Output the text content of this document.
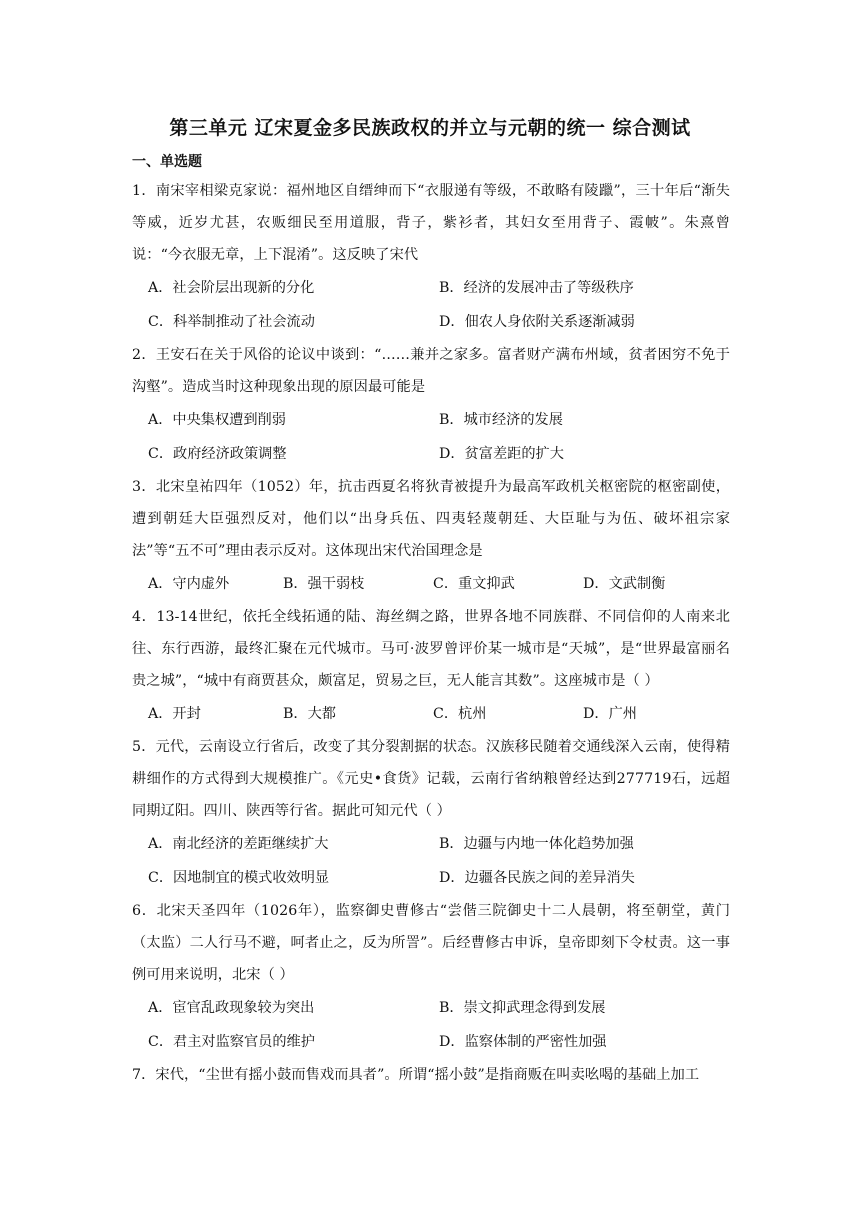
第三单元 辽宋夏金多民族政权的并立与元朝的统一 综合测试
一、单选题

1．南宋宰相梁克家说：福州地区自缙绅而下“衣服递有等级，不敢略有陵躐”，三十年后“渐失等威，近岁尤甚，农贩细民至用道服，背子，紫衫者，其妇女至用背子、霞帔”。朱熹曾说：“今衣服无章，上下混淆”。这反映了宋代

A．社会阶层出现新的分化	B．经济的发展冲击了等级秩序
C．科举制推动了社会流动	D．佃农人身依附关系逐渐减弱

2．王安石在关于风俗的论议中谈到：“……兼并之家多。富者财产满布州域，贫者困穷不免于沟壑”。造成当时这种现象出现的原因最可能是

A．中央集权遭到削弱	B．城市经济的发展
C．政府经济政策调整	D．贫富差距的扩大

3．北宋皇祐四年（1052）年，抗击西夏名将狄青被提升为最高军政机关枢密院的枢密副使，遭到朝廷大臣强烈反对，他们以“出身兵伍、四夷轻蔑朝廷、大臣耻与为伍、破坏祖宗家法”等“五不可”理由表示反对。这体现出宋代治国理念是

A．守内虚外	B．强干弱枝	C．重文抑武	D．文武制衡

4．13-14世纪，依托全线拓通的陆、海丝绸之路，世界各地不同族群、不同信仰的人南来北往、东行西游，最终汇聚在元代城市。马可·波罗曾评价某一城市是“天城”，是“世界最富丽名贵之城”，“城中有商贾甚众，颇富足，贸易之巨，无人能言其数”。这座城市是（ ）

A．开封	B．大都	C．杭州	D．广州

5．元代，云南设立行省后，改变了其分裂割据的状态。汉族移民随着交通线深入云南，使得精耕细作的方式得到大规模推广。《元史•食货》记载，云南行省纳粮曾经达到277719石，远超同期辽阳。四川、陕西等行省。据此可知元代（ ）

A．南北经济的差距继续扩大	B．边疆与内地一体化趋势加强
C．因地制宜的模式收效明显	D．边疆各民族之间的差异消失

6．北宋天圣四年（1026年），监察御史曹修古“尝偕三院御史十二人晨朝，将至朝堂，黄门（太监）二人行马不避，呵者止之，反为所詈”。后经曹修古申诉，皇帝即刻下令杖责。这一事例可用来说明，北宋（ ）

A．宦官乱政现象较为突出	B．崇文抑武理念得到发展
C．君主对监察官员的维护	D．监察体制的严密性加强

7．宋代，“尘世有摇小鼓而售戏而具者”。所谓“摇小鼓”是指商贩在叫卖吆喝的基础上加工
